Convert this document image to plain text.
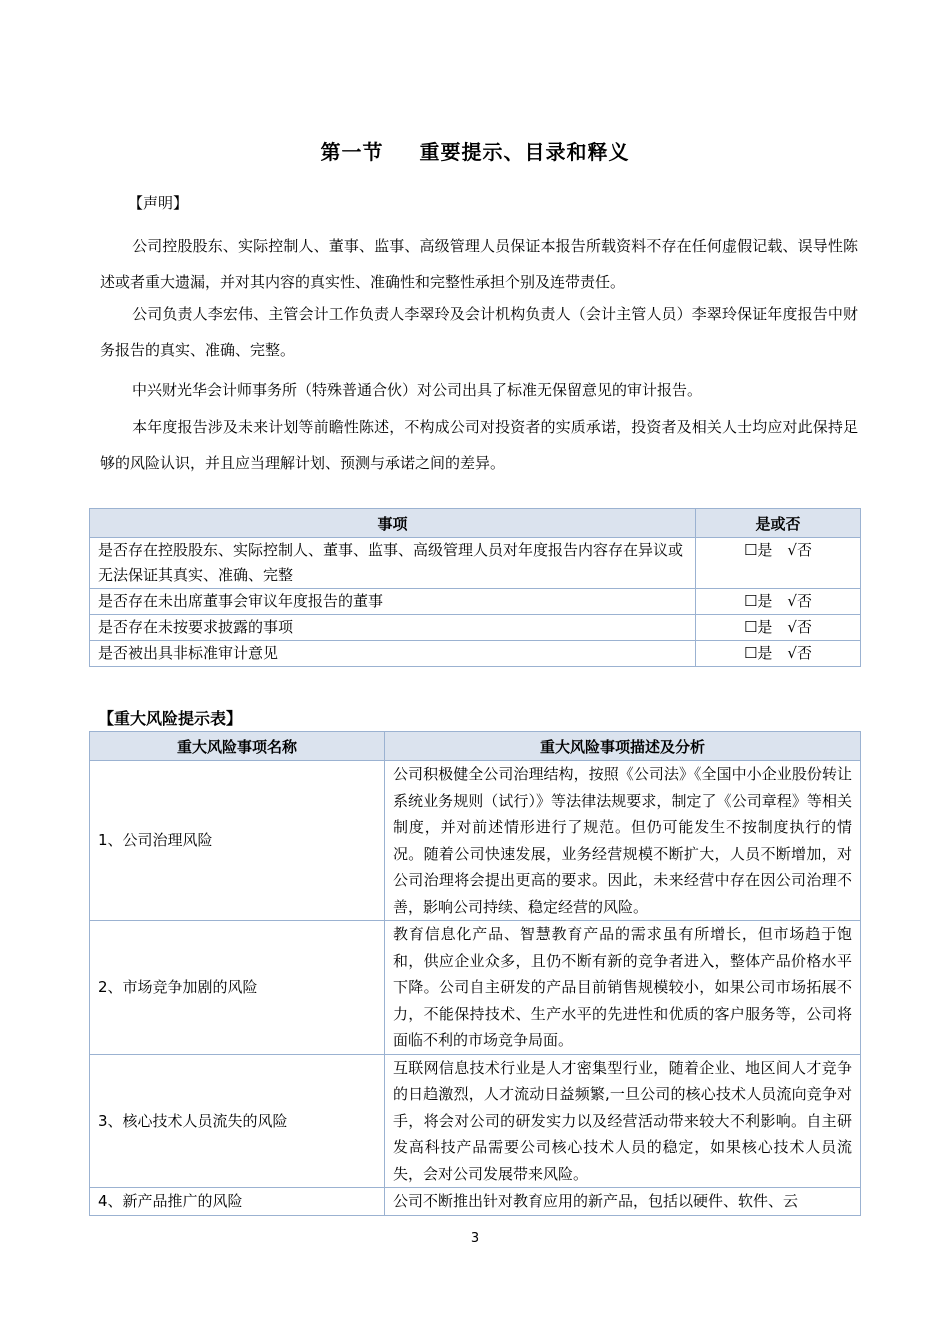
第一节 重要提示、目录和释义
【声明】
公司控股股东、实际控制人、董事、监事、高级管理人员保证本报告所载资料不存在任何虚假记载、误导性陈述或者重大遗漏，并对其内容的真实性、准确性和完整性承担个别及连带责任。
公司负责人李宏伟、主管会计工作负责人李翠玲及会计机构负责人（会计主管人员）李翠玲保证年度报告中财务报告的真实、准确、完整。
中兴财光华会计师事务所（特殊普通合伙）对公司出具了标准无保留意见的审计报告。
本年度报告涉及未来计划等前瞻性陈述，不构成公司对投资者的实质承诺，投资者及相关人士均应对此保持足够的风险认识，并且应当理解计划、预测与承诺之间的差异。
事项	是或否
是否存在控股股东、实际控制人、董事、监事、高级管理人员对年度报告内容存在异议或无法保证其真实、准确、完整	☐是　√否
是否存在未出席董事会审议年度报告的董事	☐是　√否
是否存在未按要求披露的事项	☐是　√否
是否被出具非标准审计意见	☐是　√否
【重大风险提示表】
重大风险事项名称	重大风险事项描述及分析
1、公司治理风险	公司积极健全公司治理结构，按照《公司法》《全国中小企业股份转让系统业务规则（试行）》等法律法规要求，制定了《公司章程》等相关制度，并对前述情形进行了规范。但仍可能发生不按制度执行的情况。随着公司快速发展，业务经营规模不断扩大，人员不断增加，对公司治理将会提出更高的要求。因此，未来经营中存在因公司治理不善，影响公司持续、稳定经营的风险。
2、市场竞争加剧的风险	教育信息化产品、智慧教育产品的需求虽有所增长，但市场趋于饱和，供应企业众多，且仍不断有新的竞争者进入，整体产品价格水平下降。公司自主研发的产品目前销售规模较小，如果公司市场拓展不力，不能保持技术、生产水平的先进性和优质的客户服务等，公司将面临不利的市场竞争局面。
3、核心技术人员流失的风险	互联网信息技术行业是人才密集型行业，随着企业、地区间人才竞争的日趋激烈，人才流动日益频繁,一旦公司的核心技术人员流向竞争对手，将会对公司的研发实力以及经营活动带来较大不利影响。自主研发高科技产品需要公司核心技术人员的稳定，如果核心技术人员流失，会对公司发展带来风险。
4、新产品推广的风险	公司不断推出针对教育应用的新产品，包括以硬件、软件、云
3
